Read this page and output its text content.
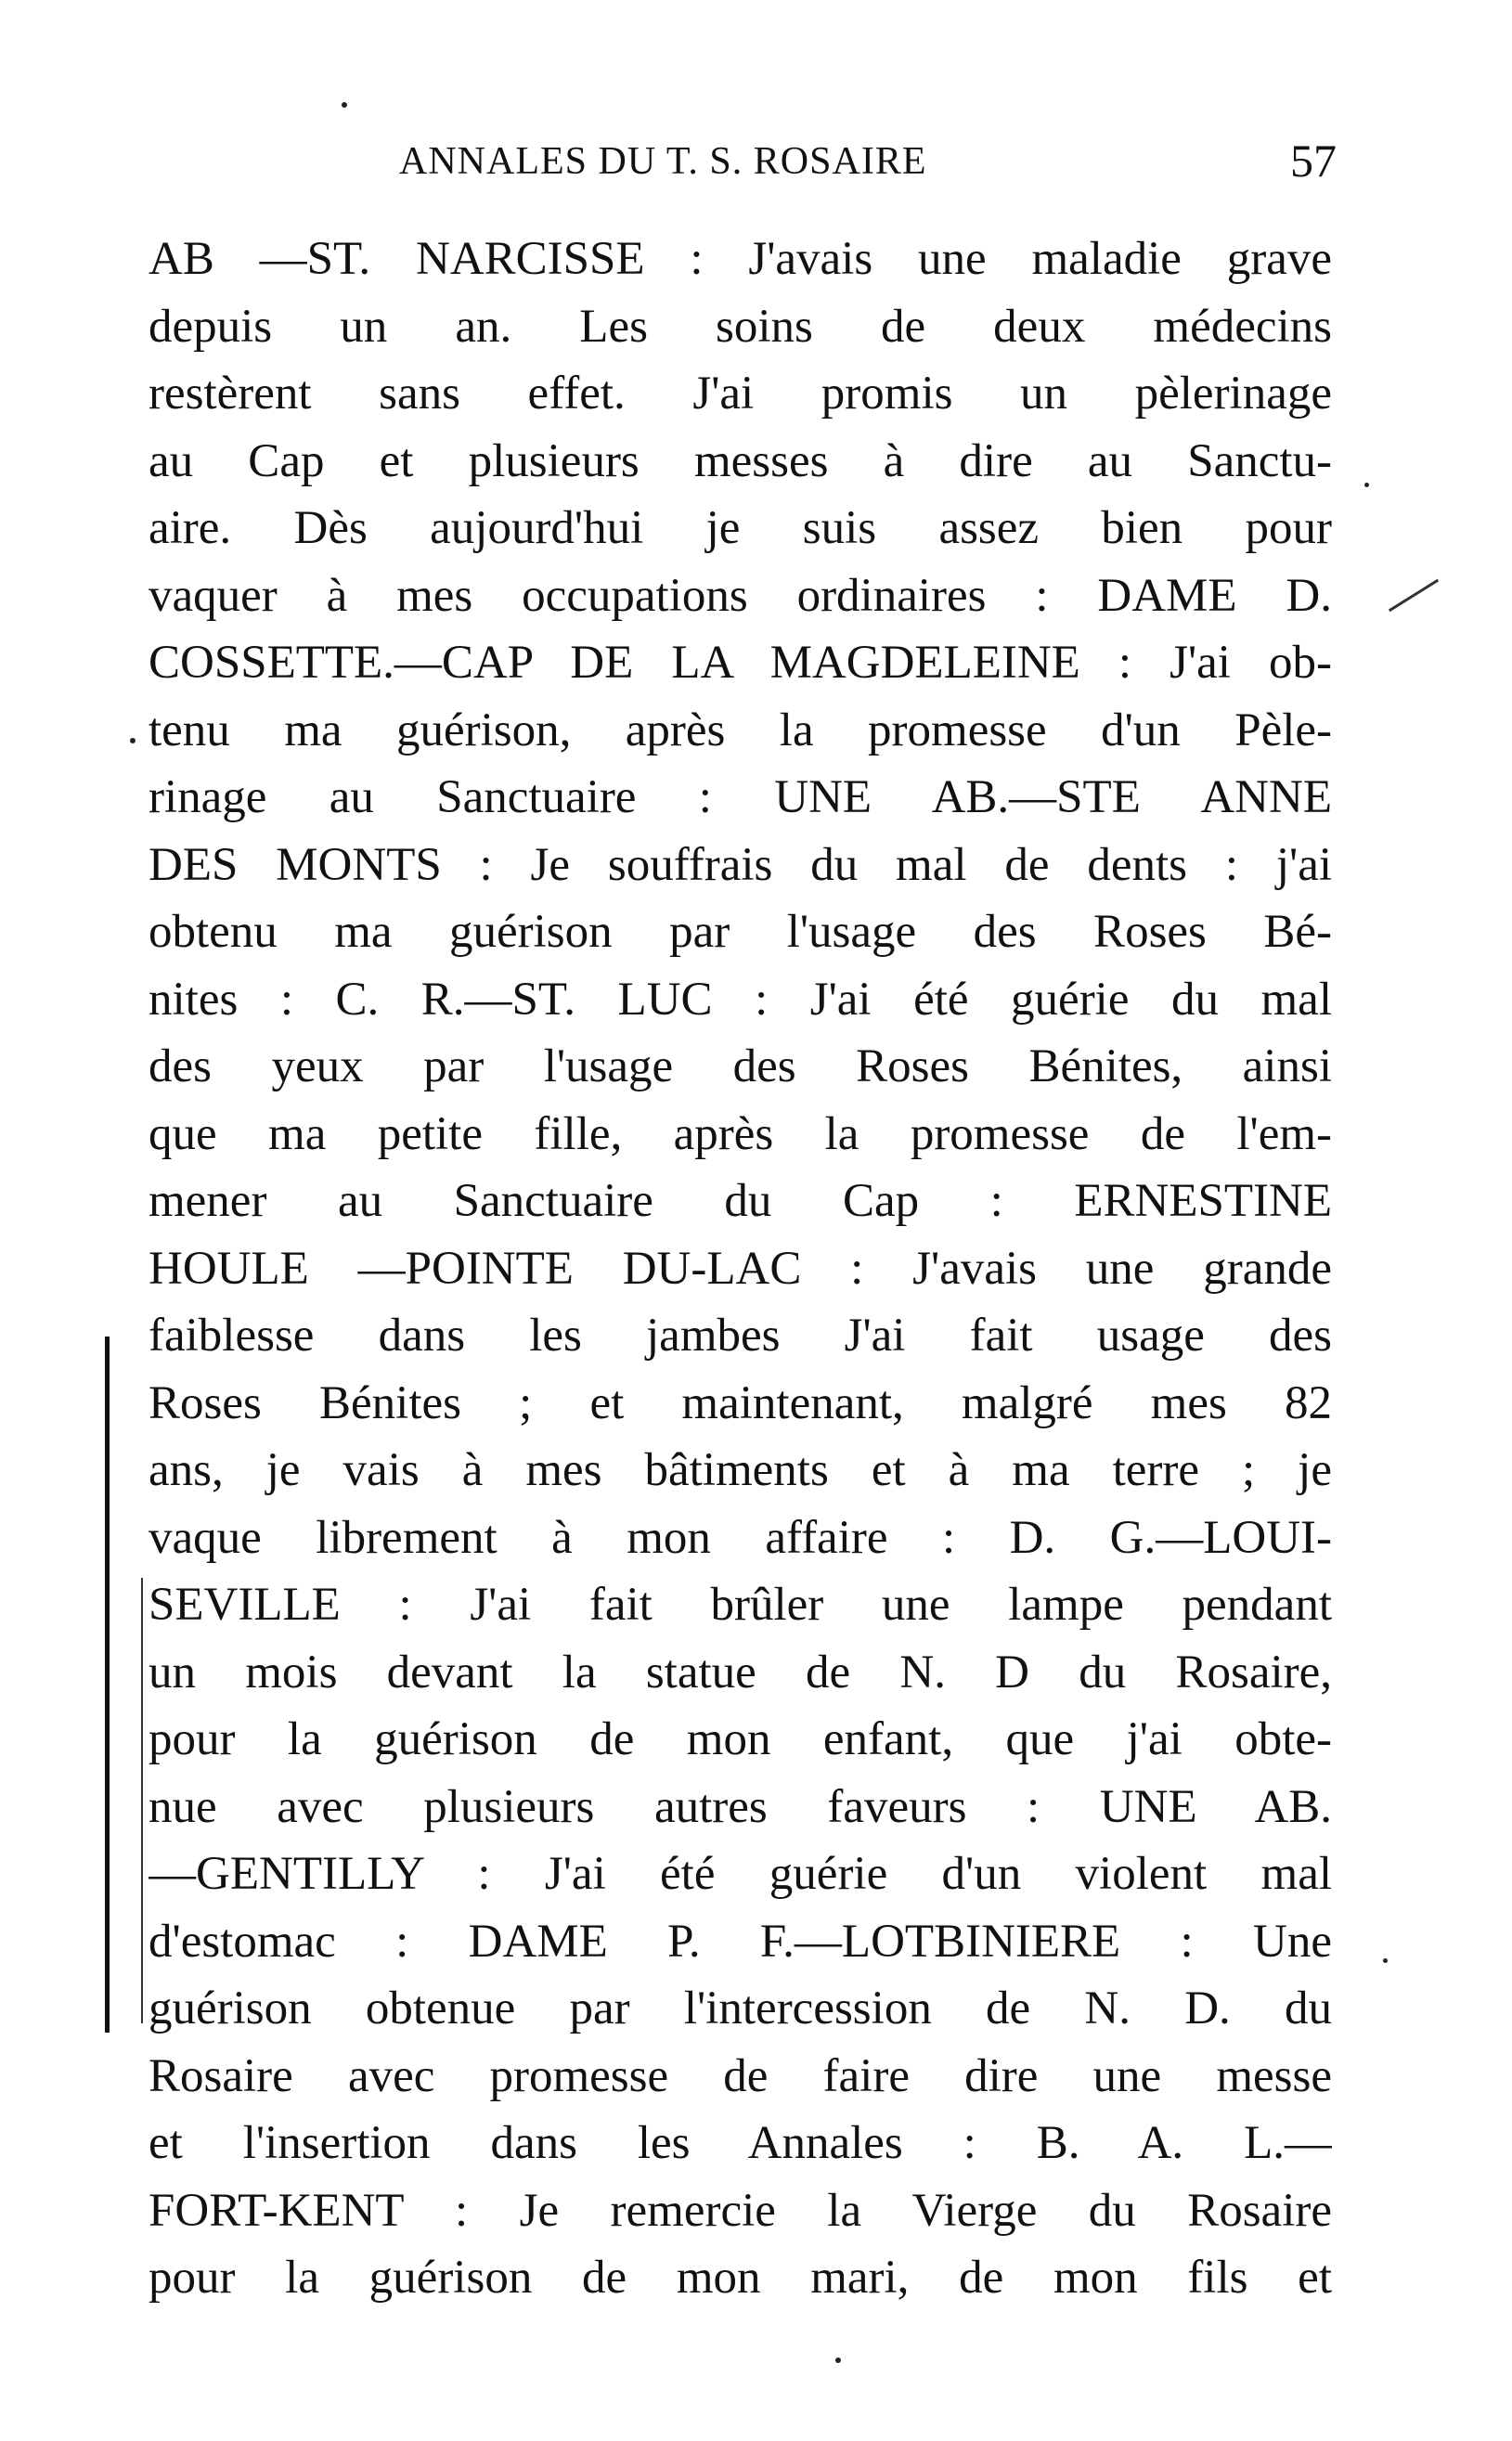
ANNALES DU T. S. ROSAIRE	57
AB —ST. NARCISSE : J'avais une maladie grave
depuis un an. Les soins de deux médecins
restèrent sans effet. J'ai promis un pèlerinage
au Cap et plusieurs messes à dire au Sanctu-
aire. Dès aujourd'hui je suis assez bien pour
vaquer à mes occupations ordinaires : DAME D.
COSSETTE.—CAP DE LA MAGDELEINE : J'ai ob-
tenu ma guérison, après la promesse d'un Pèle-
rinage au Sanctuaire : UNE AB.—STE ANNE
DES MONTS : Je souffrais du mal de dents : j'ai
obtenu ma guérison par l'usage des Roses Bé-
nites : C. R.—ST. LUC : J'ai été guérie du mal
des yeux par l'usage des Roses Bénites, ainsi
que ma petite fille, après la promesse de l'em-
mener au Sanctuaire du Cap : ERNESTINE
HOULE —POINTE DU-LAC : J'avais une grande
faiblesse dans les jambes J'ai fait usage des
Roses Bénites ; et maintenant, malgré mes 82
ans, je vais à mes bâtiments et à ma terre ; je
vaque librement à mon affaire : D. G.—LOUI-
SEVILLE : J'ai fait brûler une lampe pendant
un mois devant la statue de N. D du Rosaire,
pour la guérison de mon enfant, que j'ai obte-
nue avec plusieurs autres faveurs : UNE AB.
—GENTILLY : J'ai été guérie d'un violent mal
d'estomac : DAME P. F.—LOTBINIERE : Une
guérison obtenue par l'intercession de N. D. du
Rosaire avec promesse de faire dire une messe
et l'insertion dans les Annales : B. A. L.—
FORT-KENT : Je remercie la Vierge du Rosaire
pour la guérison de mon mari, de mon fils et
